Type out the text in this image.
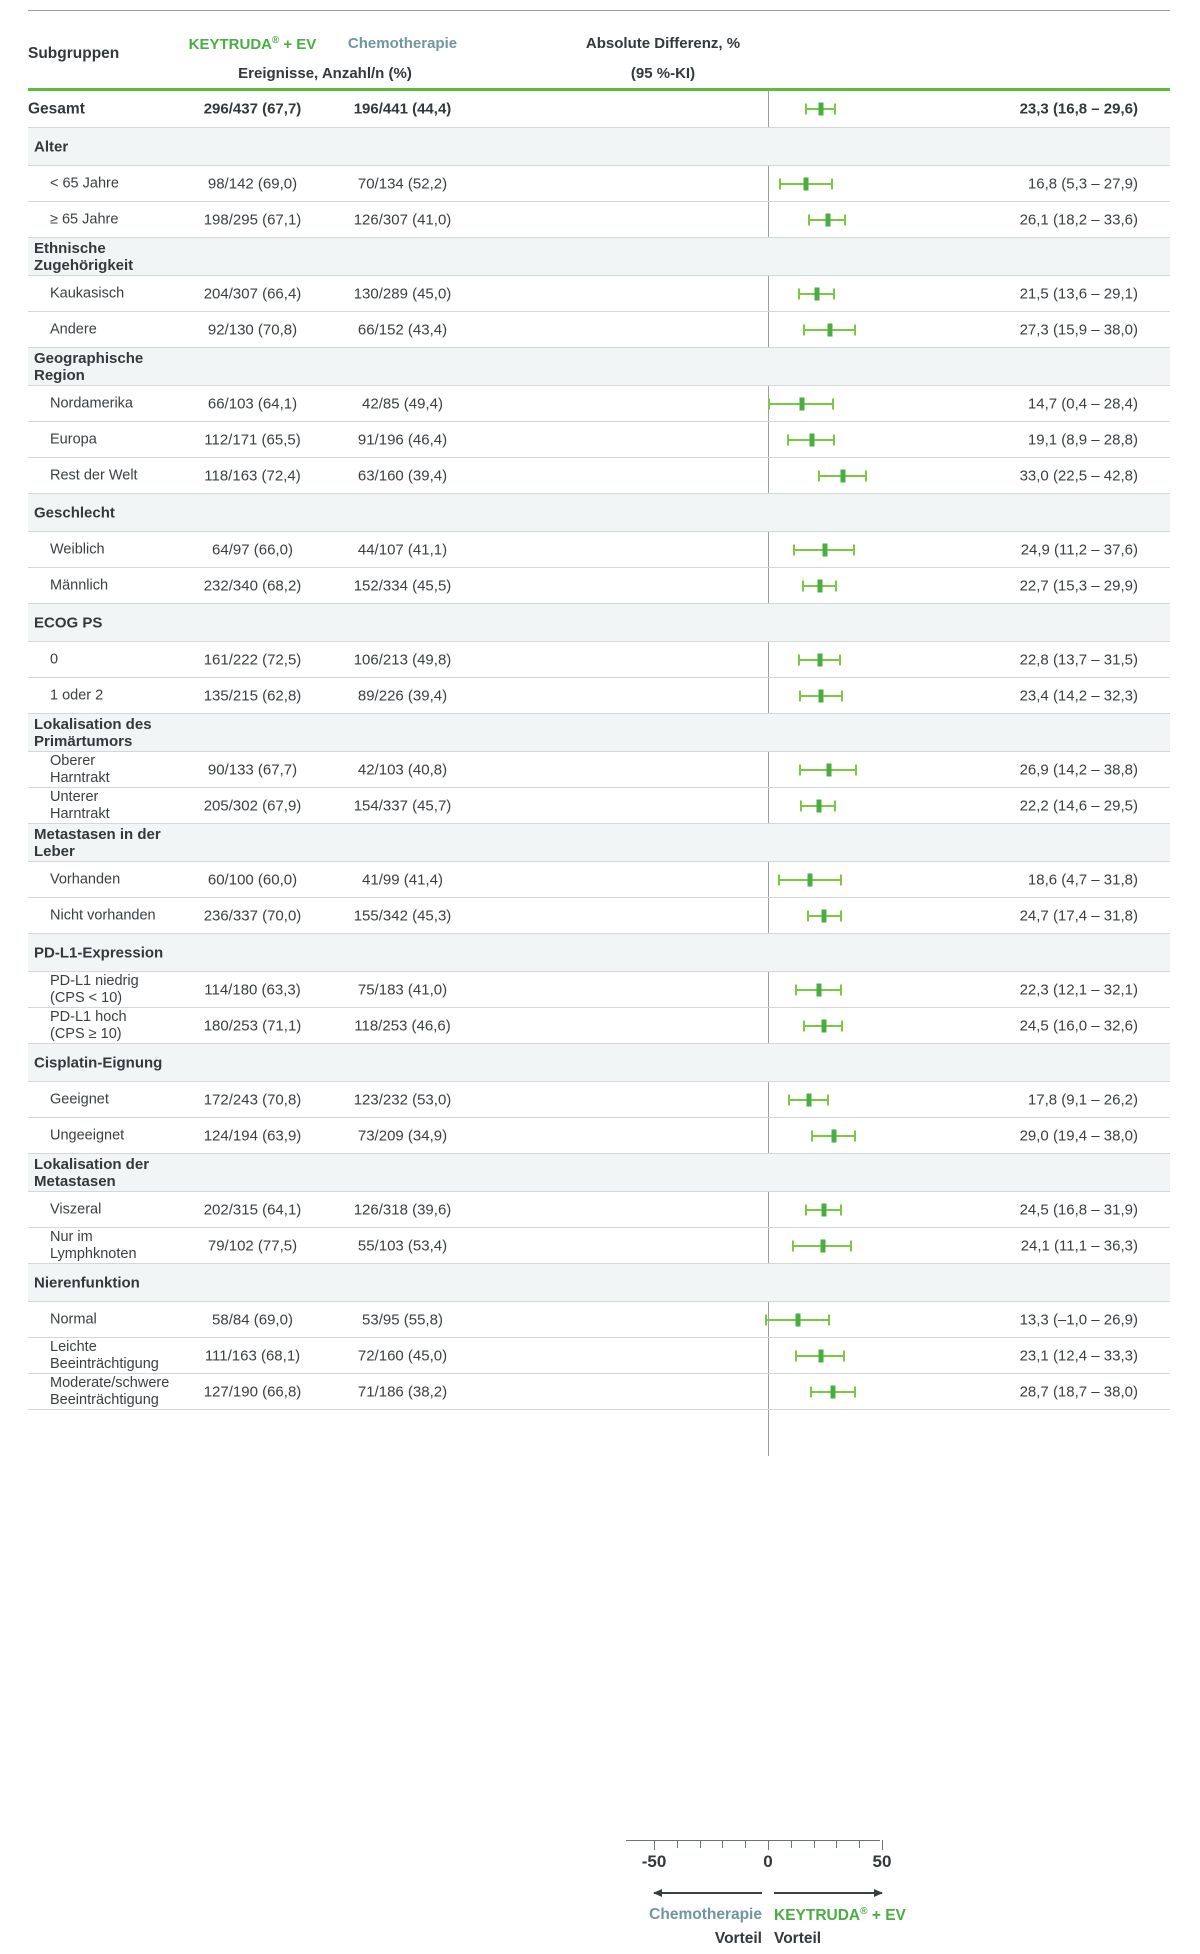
Subgruppen
KEYTRUDA® + EV	Chemotherapie
Ereignisse, Anzahl/n (%)
Absolute Differenz, %
(95 %-KI)
Gesamt	296/437 (67,7)	196/441 (44,4)	23,3 (16,8 – 29,6)
Alter
< 65 Jahre	98/142 (69,0)	70/134 (52,2)	16,8 (5,3 – 27,9)
≥ 65 Jahre	198/295 (67,1)	126/307 (41,0)	26,1 (18,2 – 33,6)
Ethnische Zugehörigkeit
Kaukasisch	204/307 (66,4)	130/289 (45,0)	21,5 (13,6 – 29,1)
Andere	92/130 (70,8)	66/152 (43,4)	27,3 (15,9 – 38,0)
Geographische Region
Nordamerika	66/103 (64,1)	42/85 (49,4)	14,7 (0,4 – 28,4)
Europa	112/171 (65,5)	91/196 (46,4)	19,1 (8,9 – 28,8)
Rest der Welt	118/163 (72,4)	63/160 (39,4)	33,0 (22,5 – 42,8)
Geschlecht
Weiblich	64/97 (66,0)	44/107 (41,1)	24,9 (11,2 – 37,6)
Männlich	232/340 (68,2)	152/334 (45,5)	22,7 (15,3 – 29,9)
ECOG PS
0	161/222 (72,5)	106/213 (49,8)	22,8 (13,7 – 31,5)
1 oder 2	135/215 (62,8)	89/226 (39,4)	23,4 (14,2 – 32,3)
Lokalisation des Primärtumors
Oberer
Harntrakt	90/133 (67,7)	42/103 (40,8)	26,9 (14,2 – 38,8)
Unterer
Harntrakt	205/302 (67,9)	154/337 (45,7)	22,2 (14,6 – 29,5)
Metastasen in der Leber
Vorhanden	60/100 (60,0)	41/99 (41,4)	18,6 (4,7 – 31,8)
Nicht vorhanden	236/337 (70,0)	155/342 (45,3)	24,7 (17,4 – 31,8)
PD-L1-Expression
PD-L1 niedrig
(CPS < 10)	114/180 (63,3)	75/183 (41,0)	22,3 (12,1 – 32,1)
PD-L1 hoch
(CPS ≥ 10)	180/253 (71,1)	118/253 (46,6)	24,5 (16,0 – 32,6)
Cisplatin-Eignung
Geeignet	172/243 (70,8)	123/232 (53,0)	17,8 (9,1 – 26,2)
Ungeeignet	124/194 (63,9)	73/209 (34,9)	29,0 (19,4 – 38,0)
Lokalisation der Metastasen
Viszeral	202/315 (64,1)	126/318 (39,6)	24,5 (16,8 – 31,9)
Nur im
Lymphknoten	79/102 (77,5)	55/103 (53,4)	24,1 (11,1 – 36,3)
Nierenfunktion
Normal	58/84 (69,0)	53/95 (55,8)	13,3 (–1,0 – 26,9)
Leichte
Beeinträchtigung	111/163 (68,1)	72/160 (45,0)	23,1 (12,4 – 33,3)
Moderate/schwere
Beeinträchtigung	127/190 (66,8)	71/186 (38,2)	28,7 (18,7 – 38,0)
-50	0	50
Chemotherapie KEYTRUDA® + EV
Vorteil Vorteil
